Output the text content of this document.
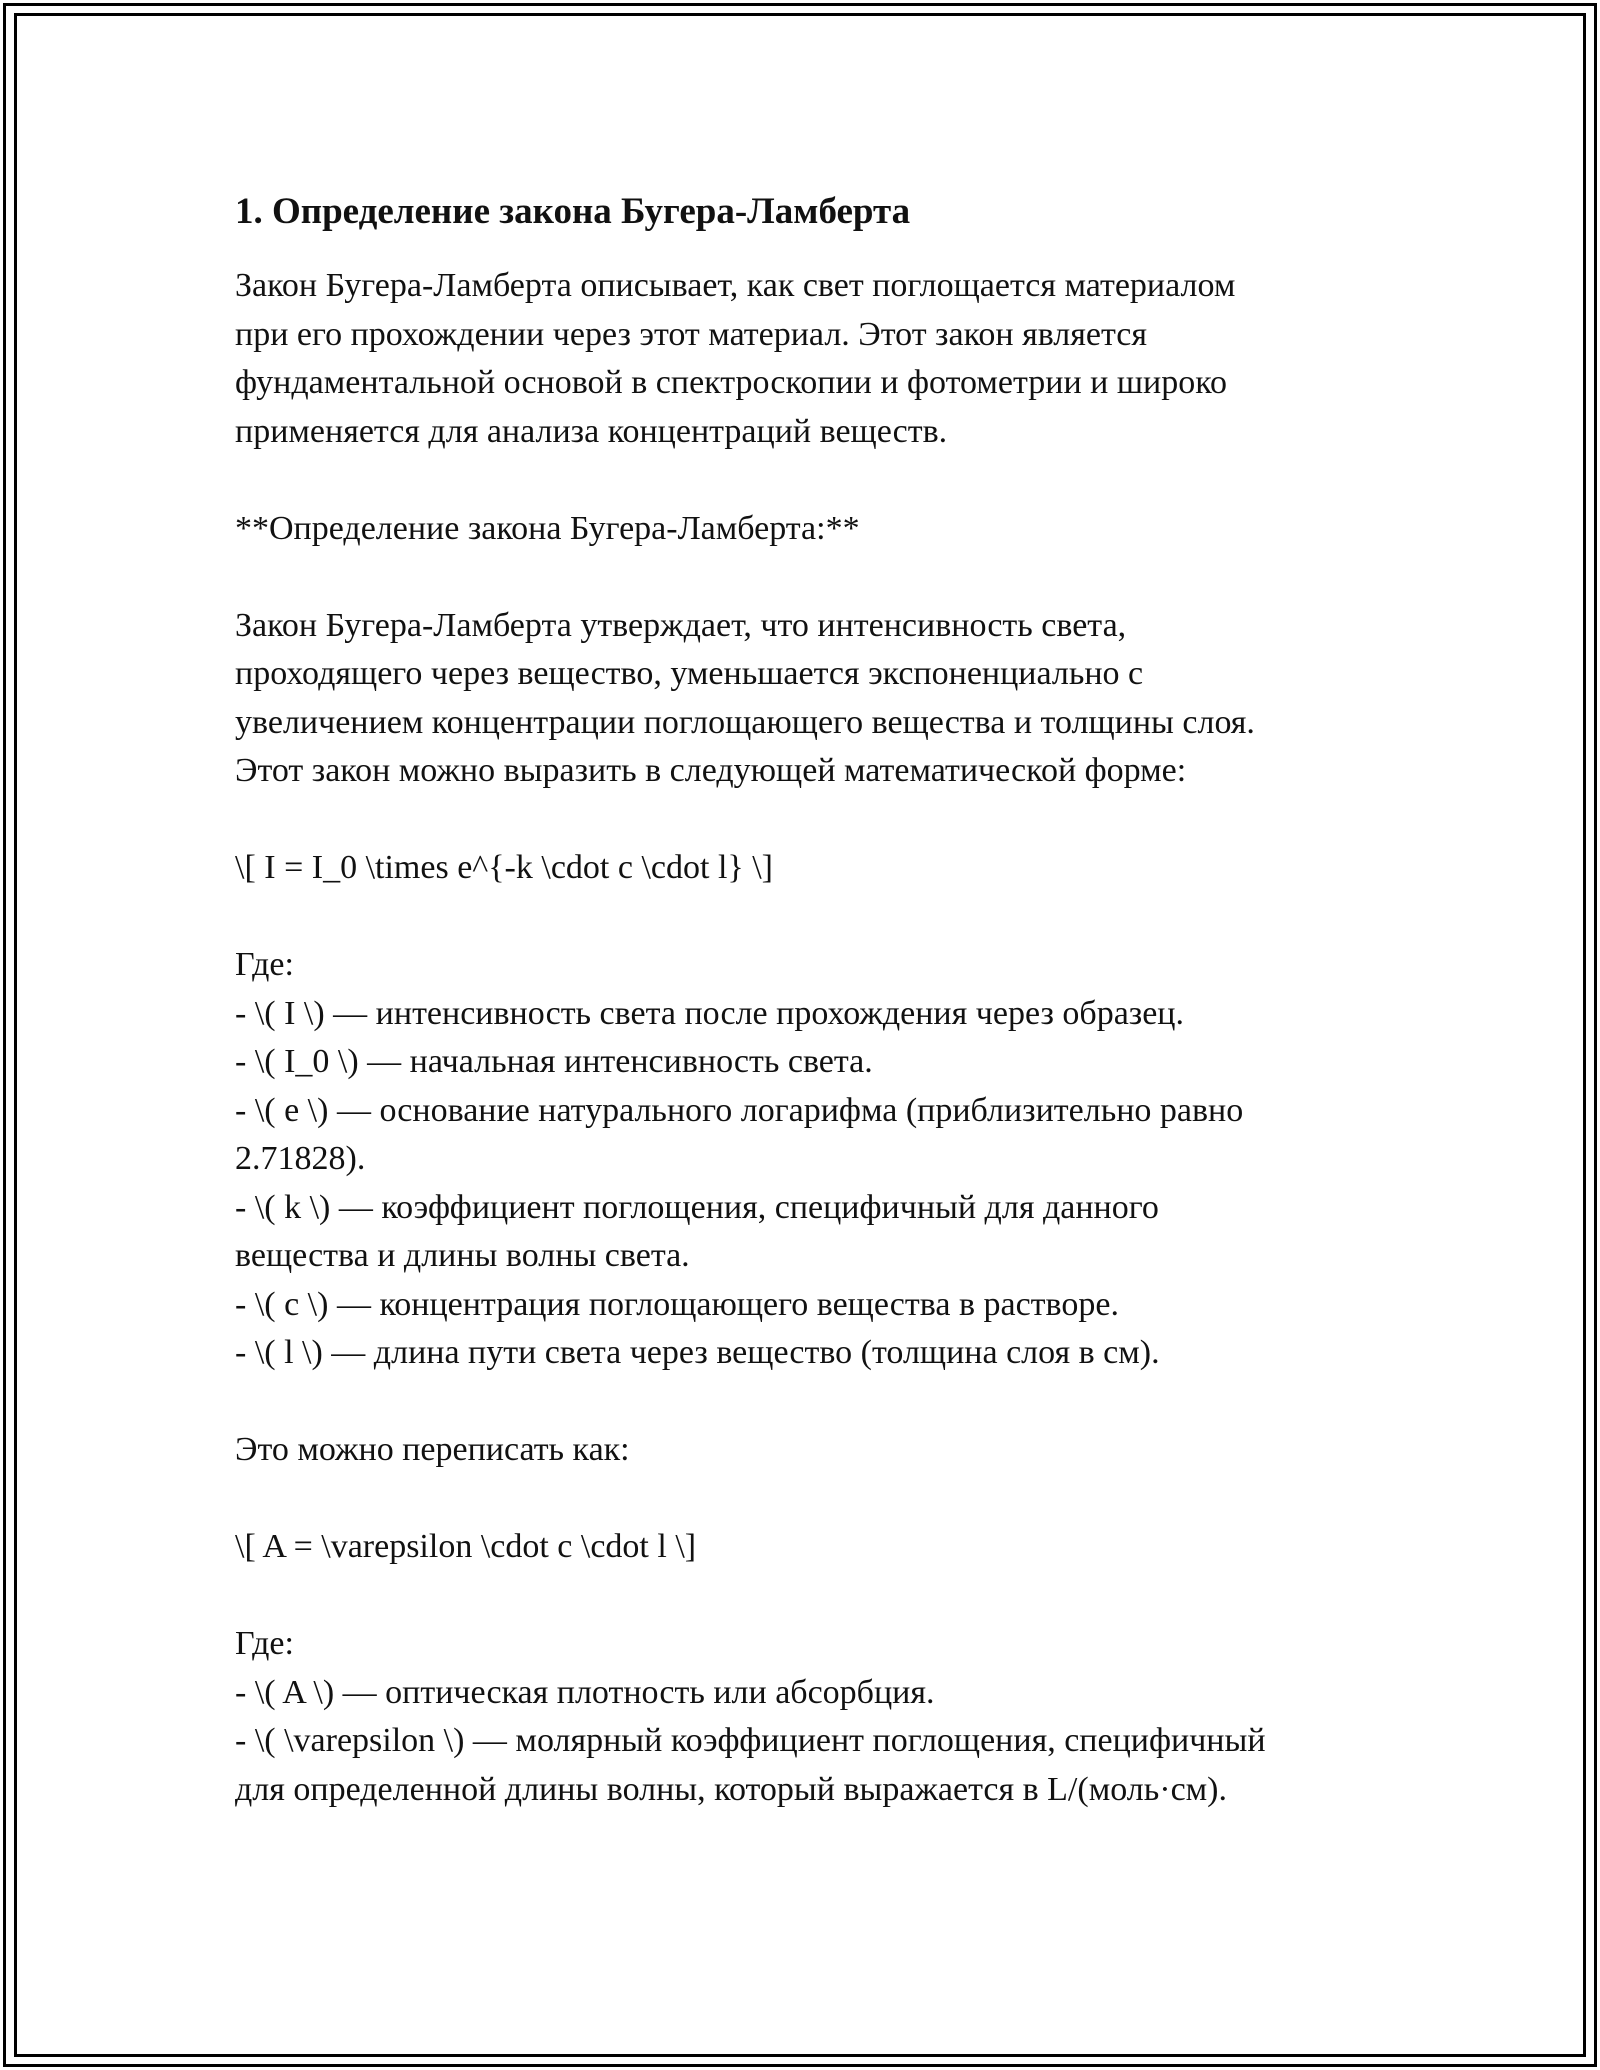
1. Определение закона Бугера-Ламберта

Закон Бугера-Ламберта описывает, как свет поглощается материалом
при его прохождении через этот материал. Этот закон является
фундаментальной основой в спектроскопии и фотометрии и широко
применяется для анализа концентраций веществ.

**Определение закона Бугера-Ламберта:**

Закон Бугера-Ламберта утверждает, что интенсивность света,
проходящего через вещество, уменьшается экспоненциально с
увеличением концентрации поглощающего вещества и толщины слоя.
Этот закон можно выразить в следующей математической форме:

\[ I = I_0 \times e^{-k \cdot c \cdot l} \]

Где:
- \( I \) — интенсивность света после прохождения через образец.
- \( I_0 \) — начальная интенсивность света.
- \( e \) — основание натурального логарифма (приблизительно равно
2.71828).
- \( k \) — коэффициент поглощения, специфичный для данного
вещества и длины волны света.
- \( c \) — концентрация поглощающего вещества в растворе.
- \( l \) — длина пути света через вещество (толщина слоя в см).

Это можно переписать как:

\[ A = \varepsilon \cdot c \cdot l \]

Где:
- \( A \) — оптическая плотность или абсорбция.
- \( \varepsilon \) — молярный коэффициент поглощения, специфичный
для определенной длины волны, который выражается в L/(моль·см).
